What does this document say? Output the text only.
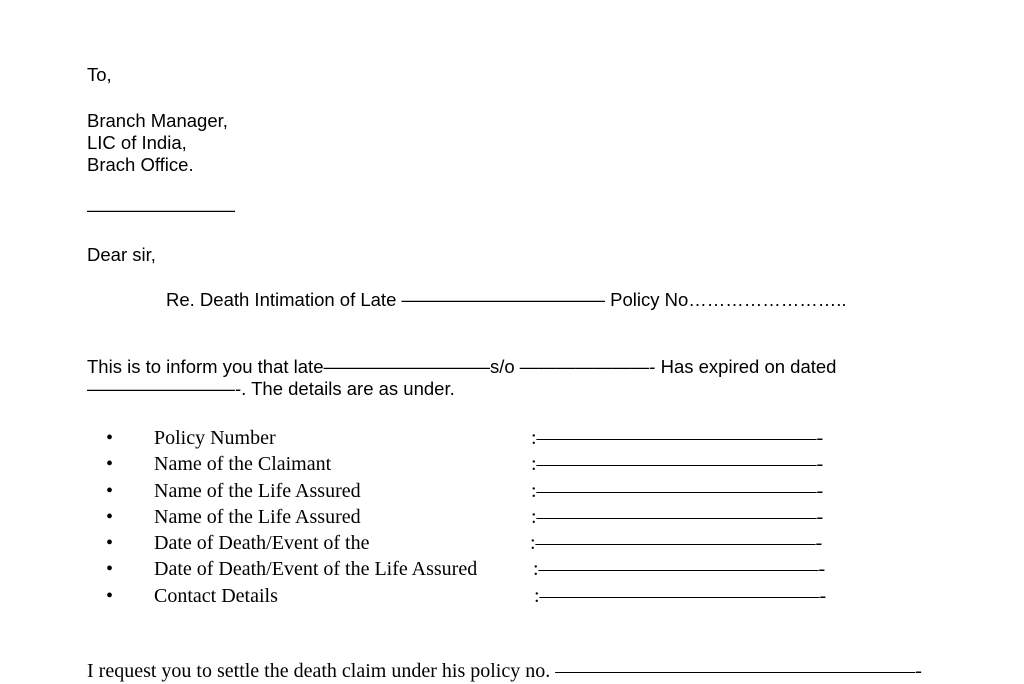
To,
Branch Manager,
LIC of India,
Brach Office.
————————
Dear sir,
Re. Death Intimation of Late ——————————— Policy No……………………..
This is to inform you that late—————————s/o ———————- Has expired on dated
————————-. The details are as under.
• Policy Number	:——————————————-
• Name of the Claimant	:——————————————-
• Name of the Life Assured	:——————————————-
• Name of the Life Assured	:——————————————-
• Date of Death/Event of the	:——————————————-
• Date of Death/Event of the Life Assured	:——————————————-
• Contact Details	:——————————————-
I request you to settle the death claim under his policy no. ——————————————————-
